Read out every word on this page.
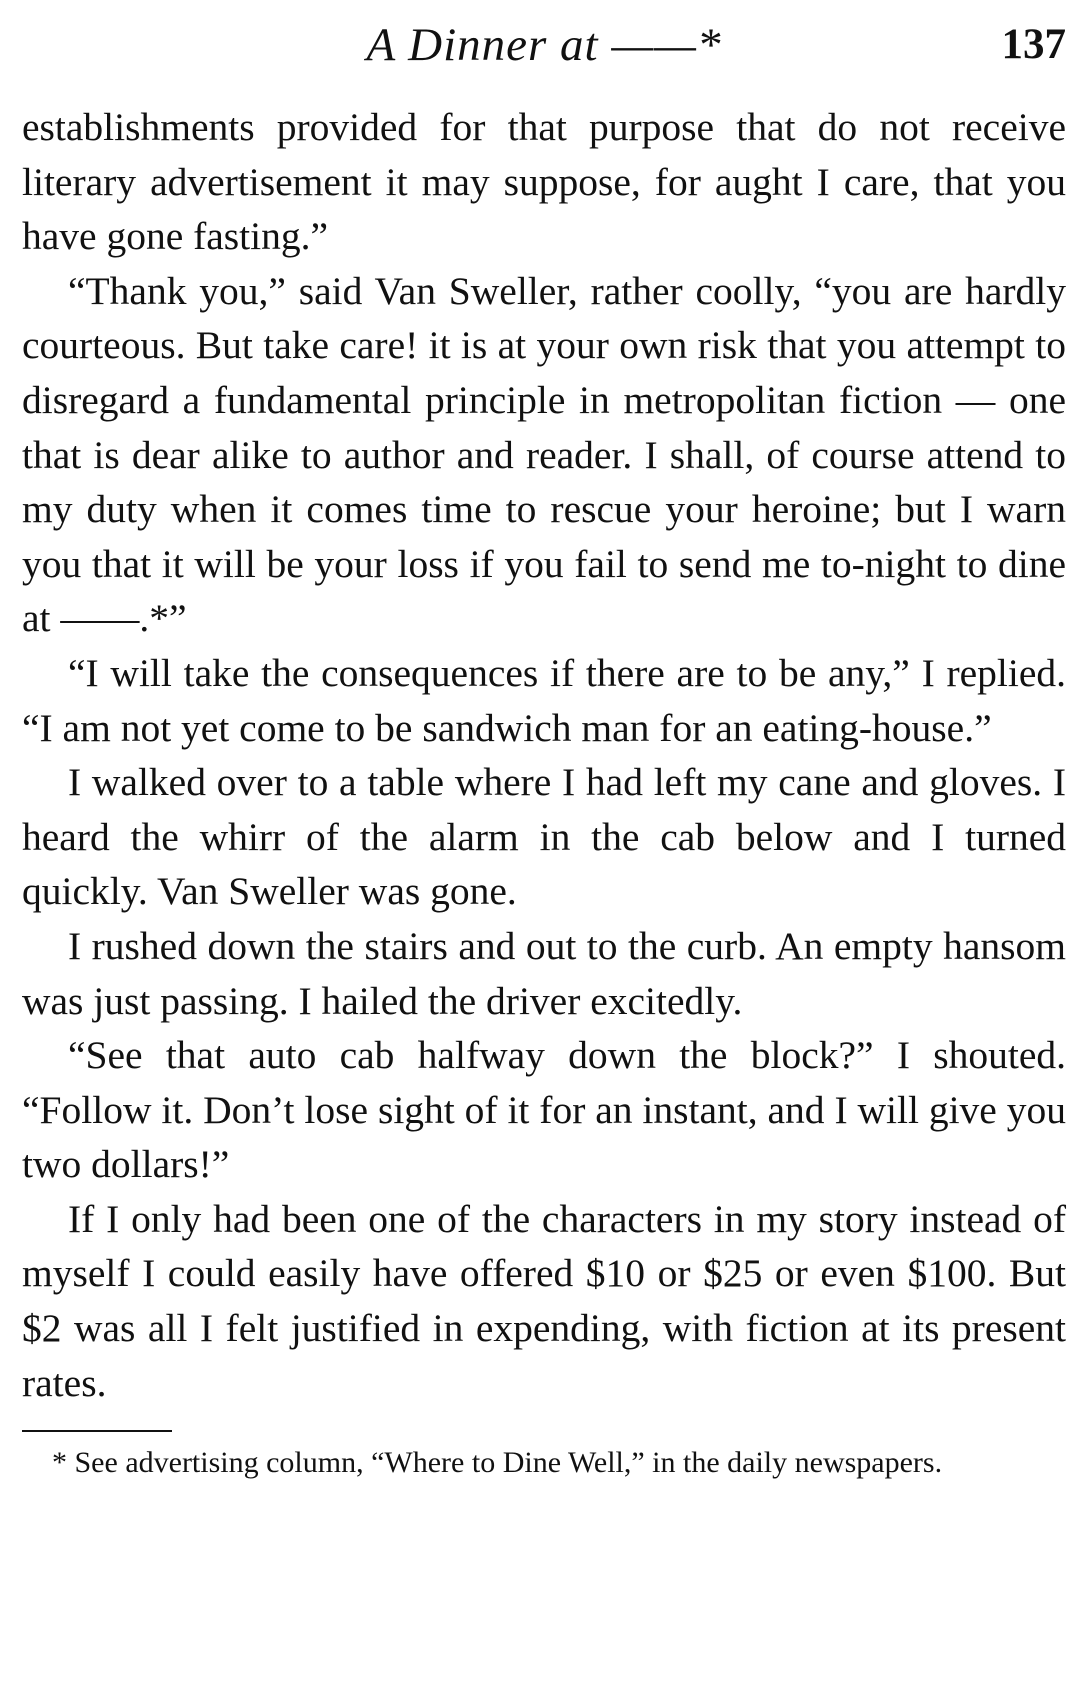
A Dinner at ——*	137

establishments provided for that purpose that do not receive literary advertisement it may suppose, for aught I care, that you have gone fasting.”

“Thank you,” said Van Sweller, rather coolly, “you are hardly courteous. But take care! it is at your own risk that you attempt to disregard a fundamental principle in metropolitan fiction — one that is dear alike to author and reader. I shall, of course attend to my duty when it comes time to rescue your heroine; but I warn you that it will be your loss if you fail to send me to-night to dine at ——.*”

“I will take the consequences if there are to be any,” I replied. “I am not yet come to be sandwich man for an eating-house.”

I walked over to a table where I had left my cane and gloves. I heard the whirr of the alarm in the cab below and I turned quickly. Van Sweller was gone.

I rushed down the stairs and out to the curb. An empty hansom was just passing. I hailed the driver excitedly.

“See that auto cab halfway down the block?” I shouted. “Follow it. Don’t lose sight of it for an instant, and I will give you two dollars!”

If I only had been one of the characters in my story instead of myself I could easily have offered $10 or $25 or even $100. But $2 was all I felt justified in expending, with fiction at its present rates.

* See advertising column, “Where to Dine Well,” in the daily newspapers.
